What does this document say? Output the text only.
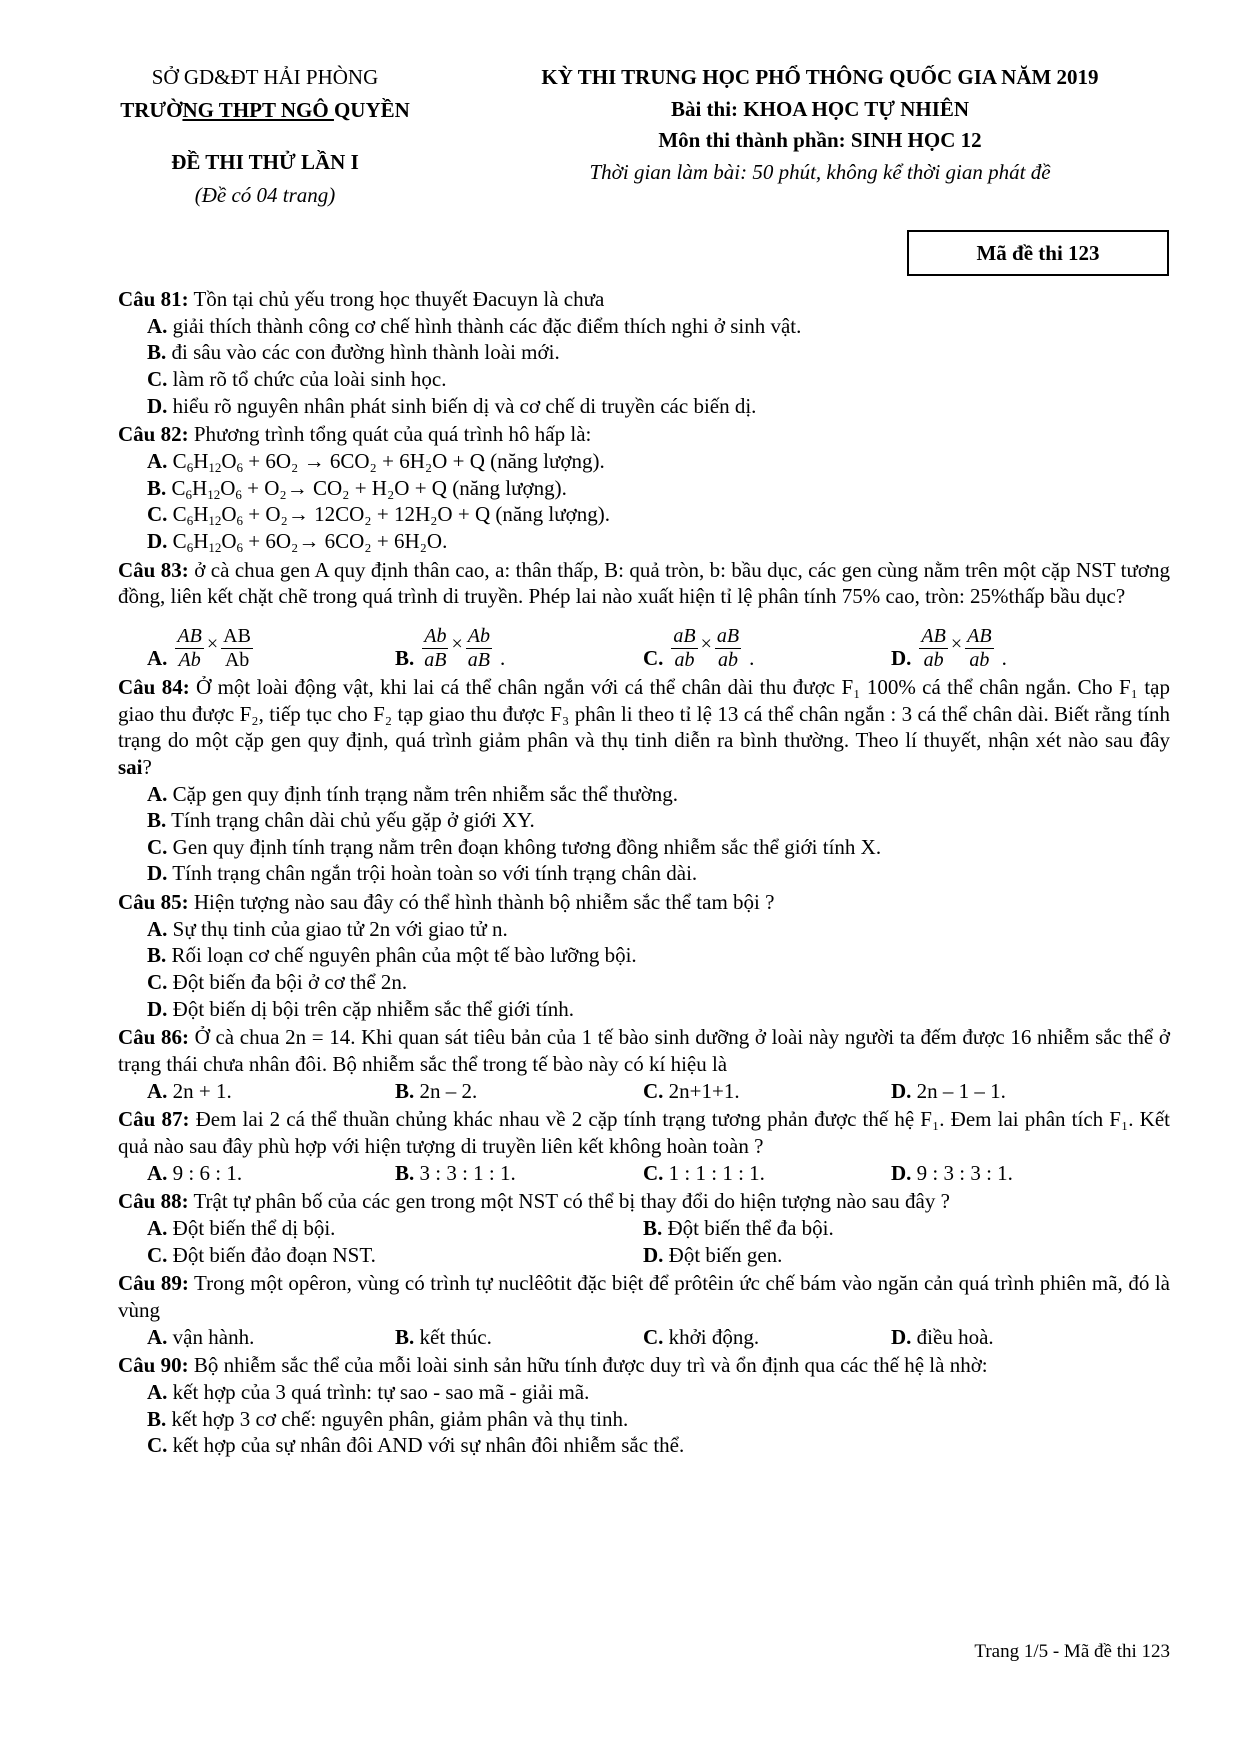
SỞ GD&ĐT HẢI PHÒNG
TRƯỜNG THPT NGÔ QUYỀN
ĐỀ THI THỬ LẦN I
(Đề có 04 trang)
KỲ THI TRUNG HỌC PHỔ THÔNG QUỐC GIA NĂM 2019
Bài thi: KHOA HỌC TỰ NHIÊN
Môn thi thành phần: SINH HỌC 12
Thời gian làm bài: 50 phút, không kể thời gian phát đề
Mã đề thi 123
Câu 81: Tồn tại chủ yếu trong học thuyết Đacuyn là chưa
A. giải thích thành công cơ chế hình thành các đặc điểm thích nghi ở sinh vật.
B. đi sâu vào các con đường hình thành loài mới.
C. làm rõ tổ chức của loài sinh học.
D. hiểu rõ nguyên nhân phát sinh biến dị và cơ chế di truyền các biến dị.
Câu 82: Phương trình tổng quát của quá trình hô hấp là:
A. $C_6H_{12}O_6 + 6O_2 \to 6CO_2 + 6H_2O + Q$ (năng lượng).
B. $C_6H_{12}O_6 + O_2\to CO_2 + H_2O + Q$ (năng lượng).
C. $C_6H_{12}O_6 + O_2\to 12CO_2 + 12H_2O + Q$ (năng lượng).
D. $C_6H_{12}O_6 + 6O_2\to 6CO_2 + 6H_2O$.
Câu 83: ở cà chua gen A quy định thân cao, a: thân thấp, B: quả tròn, b: bầu dục, các gen cùng nằm trên một cặp NST tương đồng, liên kết chặt chẽ trong quá trình di truyền. Phép lai nào xuất hiện tỉ lệ phân tính 75% cao, tròn: 25%thấp bầu dục?
A. $\frac{AB}{Ab} \times \frac{AB}{Ab}$	B. $\frac{Ab}{aB} \times \frac{Ab}{aB}$ .	C. $\frac{aB}{ab} \times \frac{aB}{ab}$ .	D. $\frac{AB}{ab} \times \frac{AB}{ab}$ .
Câu 84: Ở một loài động vật, khi lai cá thể chân ngắn với cá thể chân dài thu được F₁ 100% cá thể chân ngắn. Cho F₁ tạp giao thu được F₂, tiếp tục cho F₂ tạp giao thu được F₃ phân li theo tỉ lệ 13 cá thể chân ngắn : 3 cá thể chân dài. Biết rằng tính trạng do một cặp gen quy định, quá trình giảm phân và thụ tinh diễn ra bình thường. Theo lí thuyết, nhận xét nào sau đây sai?
A. Cặp gen quy định tính trạng nằm trên nhiễm sắc thể thường.
B. Tính trạng chân dài chủ yếu gặp ở giới XY.
C. Gen quy định tính trạng nằm trên đoạn không tương đồng nhiễm sắc thể giới tính X.
D. Tính trạng chân ngắn trội hoàn toàn so với tính trạng chân dài.
Câu 85: Hiện tượng nào sau đây có thể hình thành bộ nhiễm sắc thể tam bội ?
A. Sự thụ tinh của giao tử 2n với giao tử n.
B. Rối loạn cơ chế nguyên phân của một tế bào lưỡng bội.
C. Đột biến đa bội ở cơ thể 2n.
D. Đột biến dị bội trên cặp nhiễm sắc thể giới tính.
Câu 86: Ở cà chua 2n = 14. Khi quan sát tiêu bản của 1 tế bào sinh dưỡng ở loài này người ta đếm được 16 nhiễm sắc thể ở trạng thái chưa nhân đôi. Bộ nhiễm sắc thể trong tế bào này có kí hiệu là
A. 2n + 1.	B. 2n – 2.	C. 2n+1+1.	D. 2n – 1 – 1.
Câu 87: Đem lai 2 cá thể thuần chủng khác nhau về 2 cặp tính trạng tương phản được thế hệ F₁. Đem lai phân tích F₁. Kết quả nào sau đây phù hợp với hiện tượng di truyền liên kết không hoàn toàn ?
A. 9 : 6 : 1.	B. 3 : 3 : 1 : 1.	C. 1 : 1 : 1 : 1.	D. 9 : 3 : 3 : 1.
Câu 88: Trật tự phân bố của các gen trong một NST có thể bị thay đổi do hiện tượng nào sau đây ?
A. Đột biến thể dị bội.	B. Đột biến thể đa bội.
C. Đột biến đảo đoạn NST.	D. Đột biến gen.
Câu 89: Trong một opêron, vùng có trình tự nuclêôtit đặc biệt để prôtêin ức chế bám vào ngăn cản quá trình phiên mã, đó là vùng
A. vận hành.	B. kết thúc.	C. khởi động.	D. điều hoà.
Câu 90: Bộ nhiễm sắc thể của mỗi loài sinh sản hữu tính được duy trì và ổn định qua các thế hệ là nhờ:
A. kết hợp của 3 quá trình: tự sao - sao mã - giải mã.
B. kết hợp 3 cơ chế: nguyên phân, giảm phân và thụ tinh.
C. kết hợp của sự nhân đôi AND với sự nhân đôi nhiễm sắc thể.
Trang 1/5 - Mã đề thi 123
